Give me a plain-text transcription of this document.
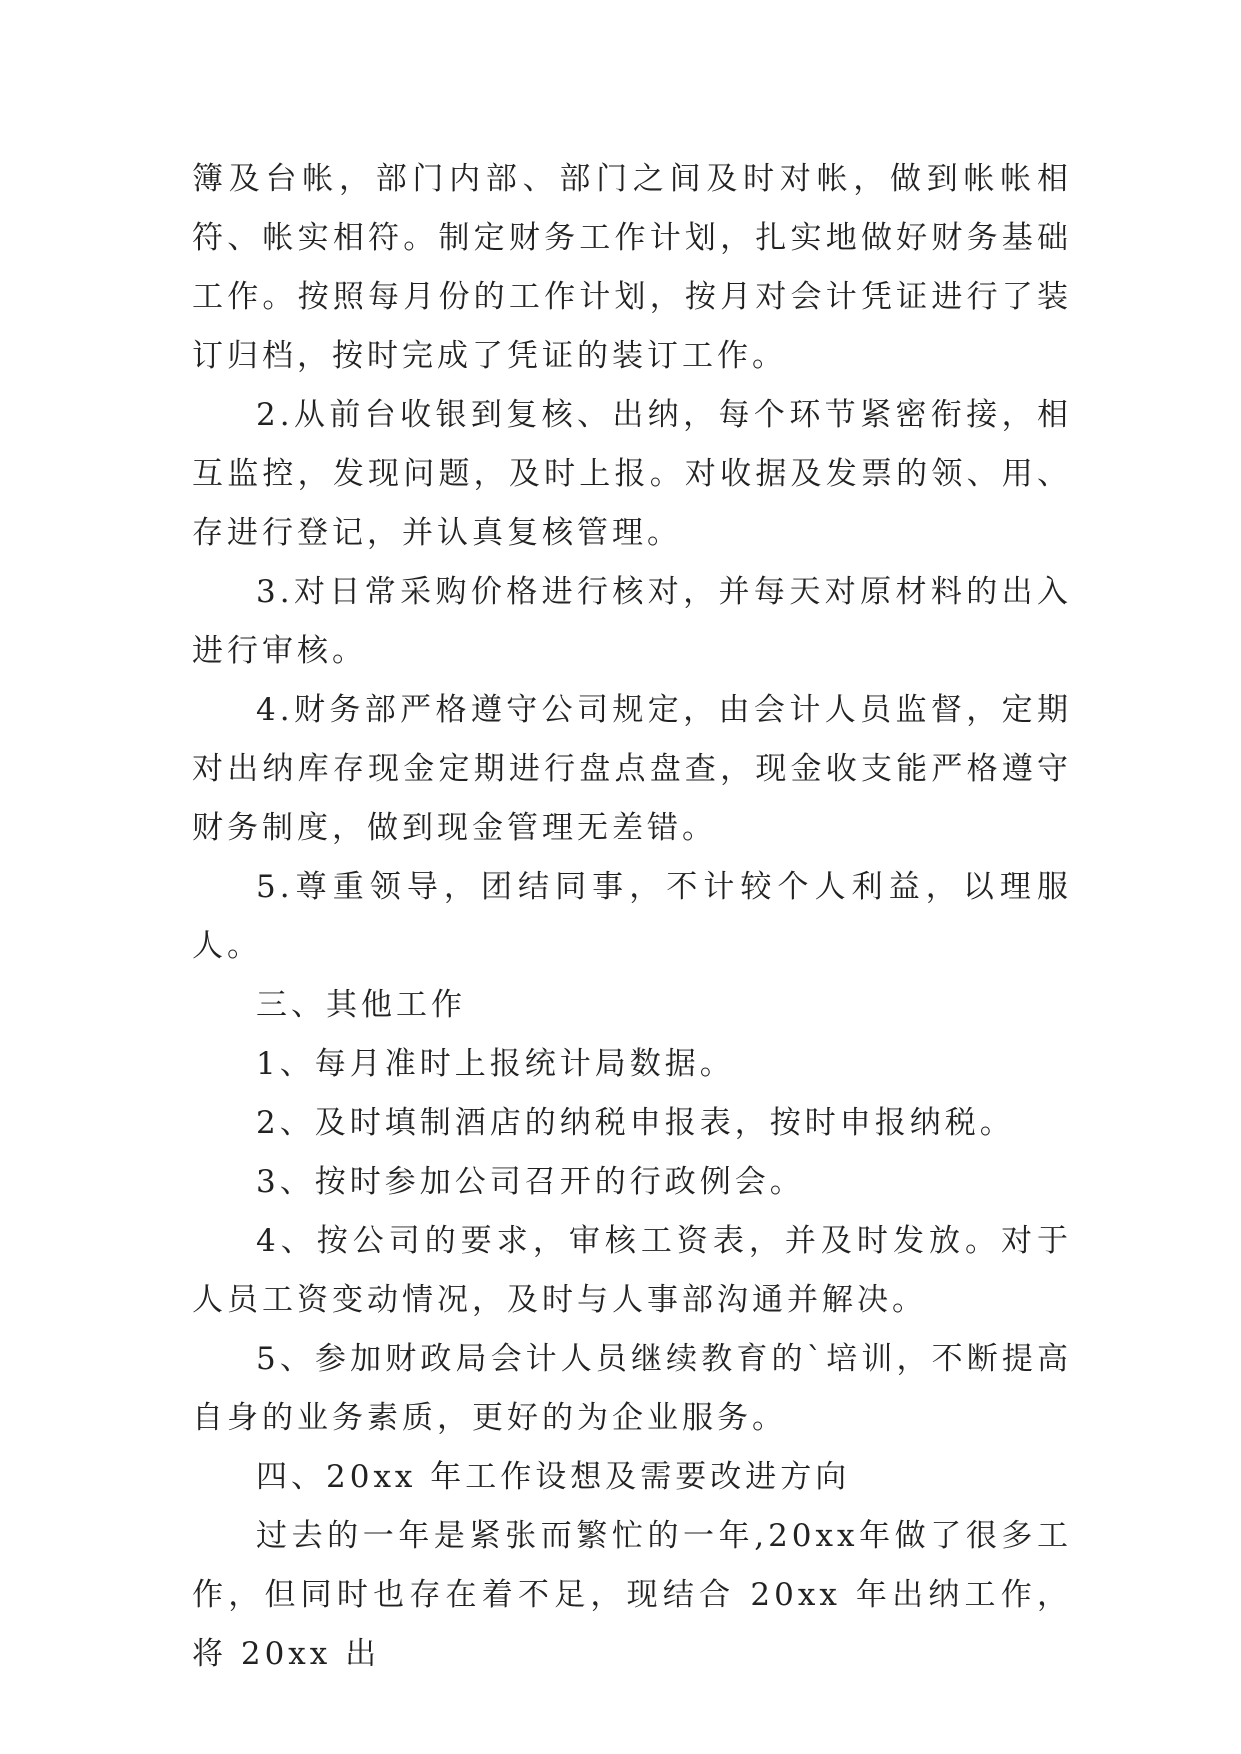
簿及台帐，部门内部、部门之间及时对帐，做到帐帐相符、帐实相符。制定财务工作计划，扎实地做好财务基础工作。按照每月份的工作计划，按月对会计凭证进行了装订归档，按时完成了凭证的装订工作。

2.从前台收银到复核、出纳，每个环节紧密衔接，相互监控，发现问题，及时上报。对收据及发票的领、用、存进行登记，并认真复核管理。

3.对日常采购价格进行核对，并每天对原材料的出入进行审核。

4.财务部严格遵守公司规定，由会计人员监督，定期对出纳库存现金定期进行盘点盘查，现金收支能严格遵守财务制度，做到现金管理无差错。

5.尊重领导，团结同事，不计较个人利益，以理服人。

三、其他工作

1、每月准时上报统计局数据。

2、及时填制酒店的纳税申报表，按时申报纳税。

3、按时参加公司召开的行政例会。

4、按公司的要求，审核工资表，并及时发放。对于人员工资变动情况，及时与人事部沟通并解决。

5、参加财政局会计人员继续教育的`培训，不断提高自身的业务素质，更好的为企业服务。

四、20xx 年工作设想及需要改进方向

过去的一年是紧张而繁忙的一年,20xx年做了很多工作，但同时也存在着不足，现结合 20xx 年出纳工作，将 20xx 出
